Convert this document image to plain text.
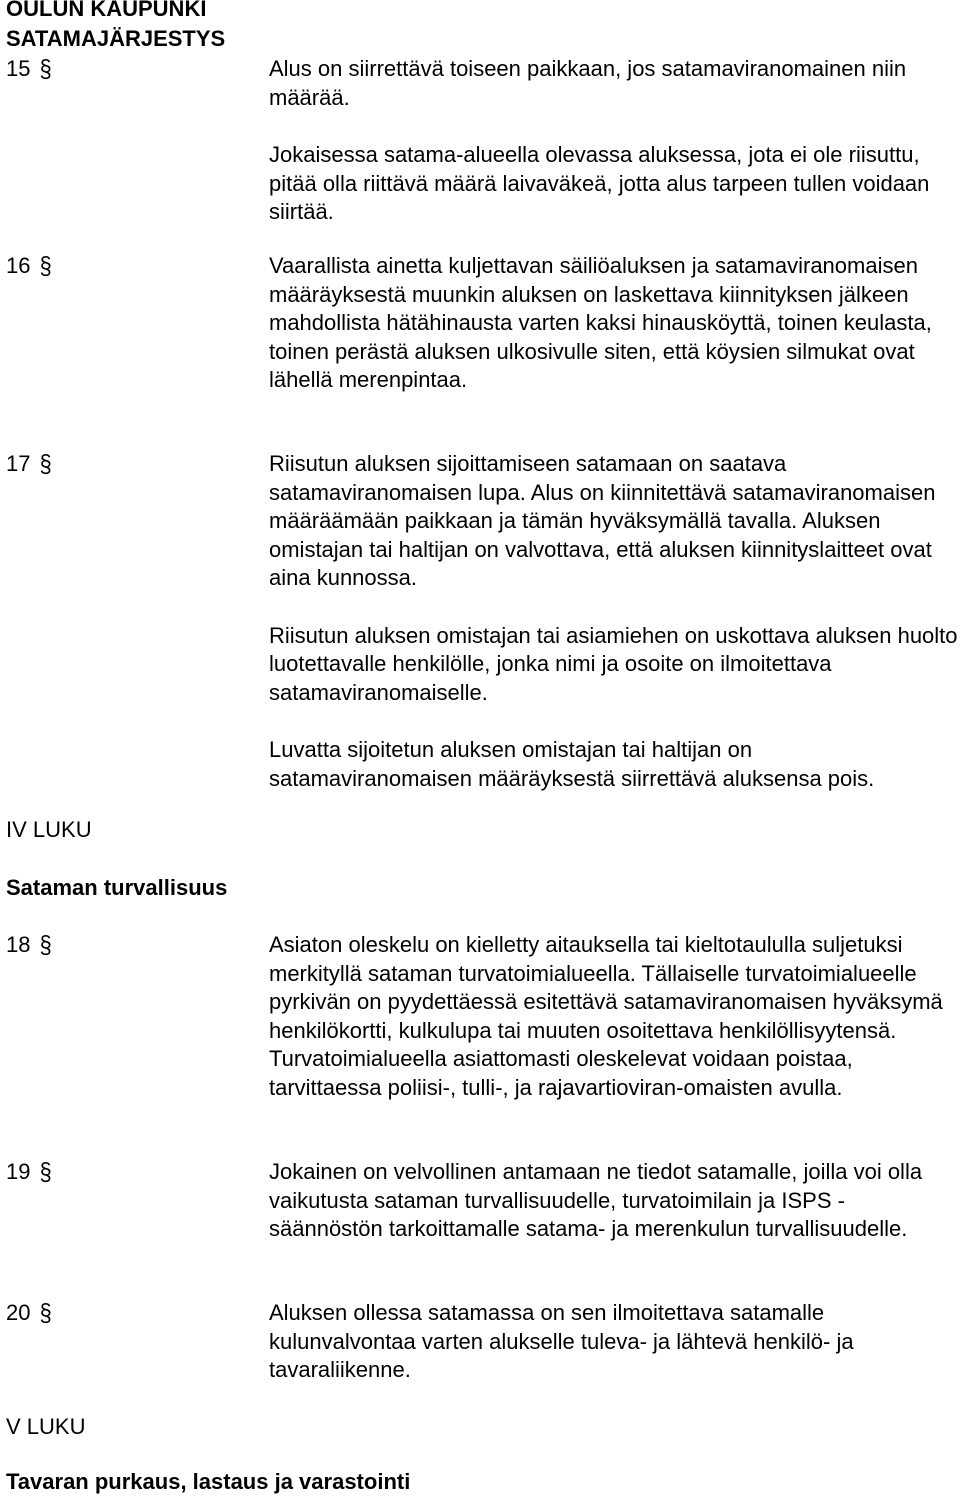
OULUN KAUPUNKI
SATAMAJÄRJESTYS
15 §	Alus on siirrettävä toiseen paikkaan, jos satamaviranomainen niin määrää.

Jokaisessa satama-alueella olevassa aluksessa, jota ei ole riisuttu, pitää olla riittävä määrä laivaväkeä, jotta alus tarpeen tullen voidaan siirtää.

16 §	Vaarallista ainetta kuljettavan säiliöaluksen ja satamaviranomaisen määräyksestä muunkin aluksen on laskettava kiinnityksen jälkeen mahdollista hätähinausta varten kaksi hinausköyttä, toinen keulasta, toinen perästä aluksen ulkosivulle siten, että köysien silmukat ovat lähellä merenpintaa.

17 §	Riisutun aluksen sijoittamiseen satamaan on saatava satamaviranomaisen lupa. Alus on kiinnitettävä satamaviranomaisen määräämään paikkaan ja tämän hyväksymällä tavalla. Aluksen omistajan tai haltijan on valvottava, että aluksen kiinnityslaitteet ovat aina kunnossa.

Riisutun aluksen omistajan tai asiamiehen on uskottava aluksen huolto luotettavalle henkilölle, jonka nimi ja osoite on ilmoitettava satamaviranomaiselle.

Luvatta sijoitetun aluksen omistajan tai haltijan on satamaviranomaisen määräyksestä siirrettävä aluksensa pois.

IV LUKU
Sataman turvallisuus
18 §	Asiaton oleskelu on kielletty aitauksella tai kieltotaululla suljetuksi merkityllä sataman turvatoimialueella. Tällaiselle turvatoimialueelle pyrkivän on pyydettäessä esitettävä satamaviranomaisen hyväksymä henkilökortti, kulkulupa tai muuten osoitettava henkilöllisyytensä. Turvatoimialueella asiattomasti oleskelevat voidaan poistaa, tarvittaessa poliisi-, tulli-, ja rajavartioviran-omaisten avulla.

19 §	Jokainen on velvollinen antamaan ne tiedot satamalle, joilla voi olla vaikutusta sataman turvallisuudelle, turvatoimilain ja ISPS - säännöstön tarkoittamalle satama- ja merenkulun turvallisuudelle.

20 §	Aluksen ollessa satamassa on sen ilmoitettava satamalle kulunvalvontaa varten alukselle tuleva- ja lähtevä henkilö- ja tavaraliikenne.

V LUKU
Tavaran purkaus, lastaus ja varastointi
